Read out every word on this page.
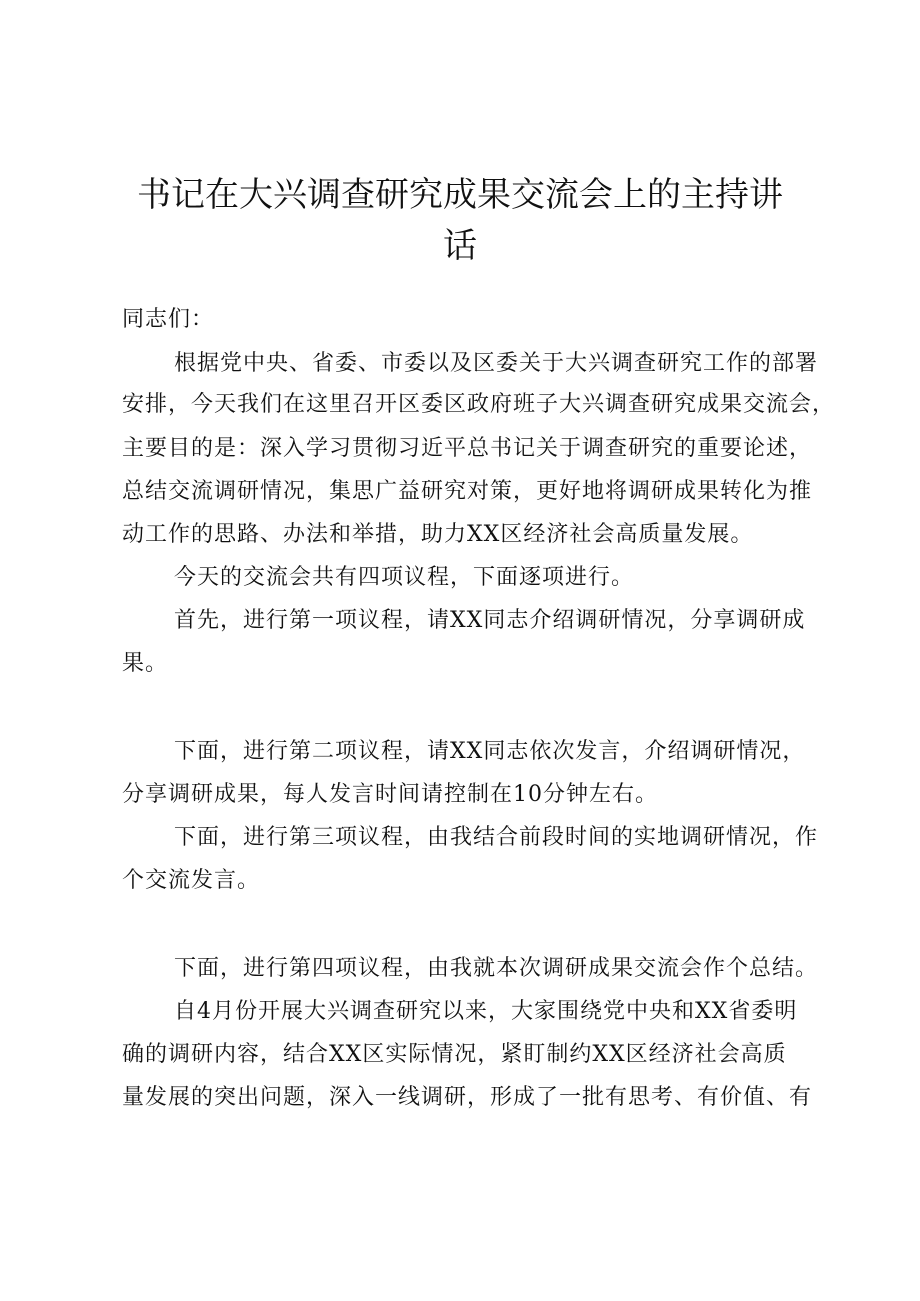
书记在大兴调查研究成果交流会上的主持讲
话
同志们：
根据党中央、省委、市委以及区委关于大兴调查研究工作的部署
安排，今天我们在这里召开区委区政府班子大兴调查研究成果交流会，
主要目的是：深入学习贯彻习近平总书记关于调查研究的重要论述，
总结交流调研情况，集思广益研究对策，更好地将调研成果转化为推
动工作的思路、办法和举措，助力XX区经济社会高质量发展。
今天的交流会共有四项议程，下面逐项进行。
首先，进行第一项议程，请XX同志介绍调研情况，分享调研成
果。
下面，进行第二项议程，请XX同志依次发言，介绍调研情况，
分享调研成果，每人发言时间请控制在10分钟左右。
下面，进行第三项议程，由我结合前段时间的实地调研情况，作
个交流发言。
下面，进行第四项议程，由我就本次调研成果交流会作个总结。
自4月份开展大兴调查研究以来，大家围绕党中央和XX省委明
确的调研内容，结合XX区实际情况，紧盯制约XX区经济社会高质
量发展的突出问题，深入一线调研，形成了一批有思考、有价值、有
